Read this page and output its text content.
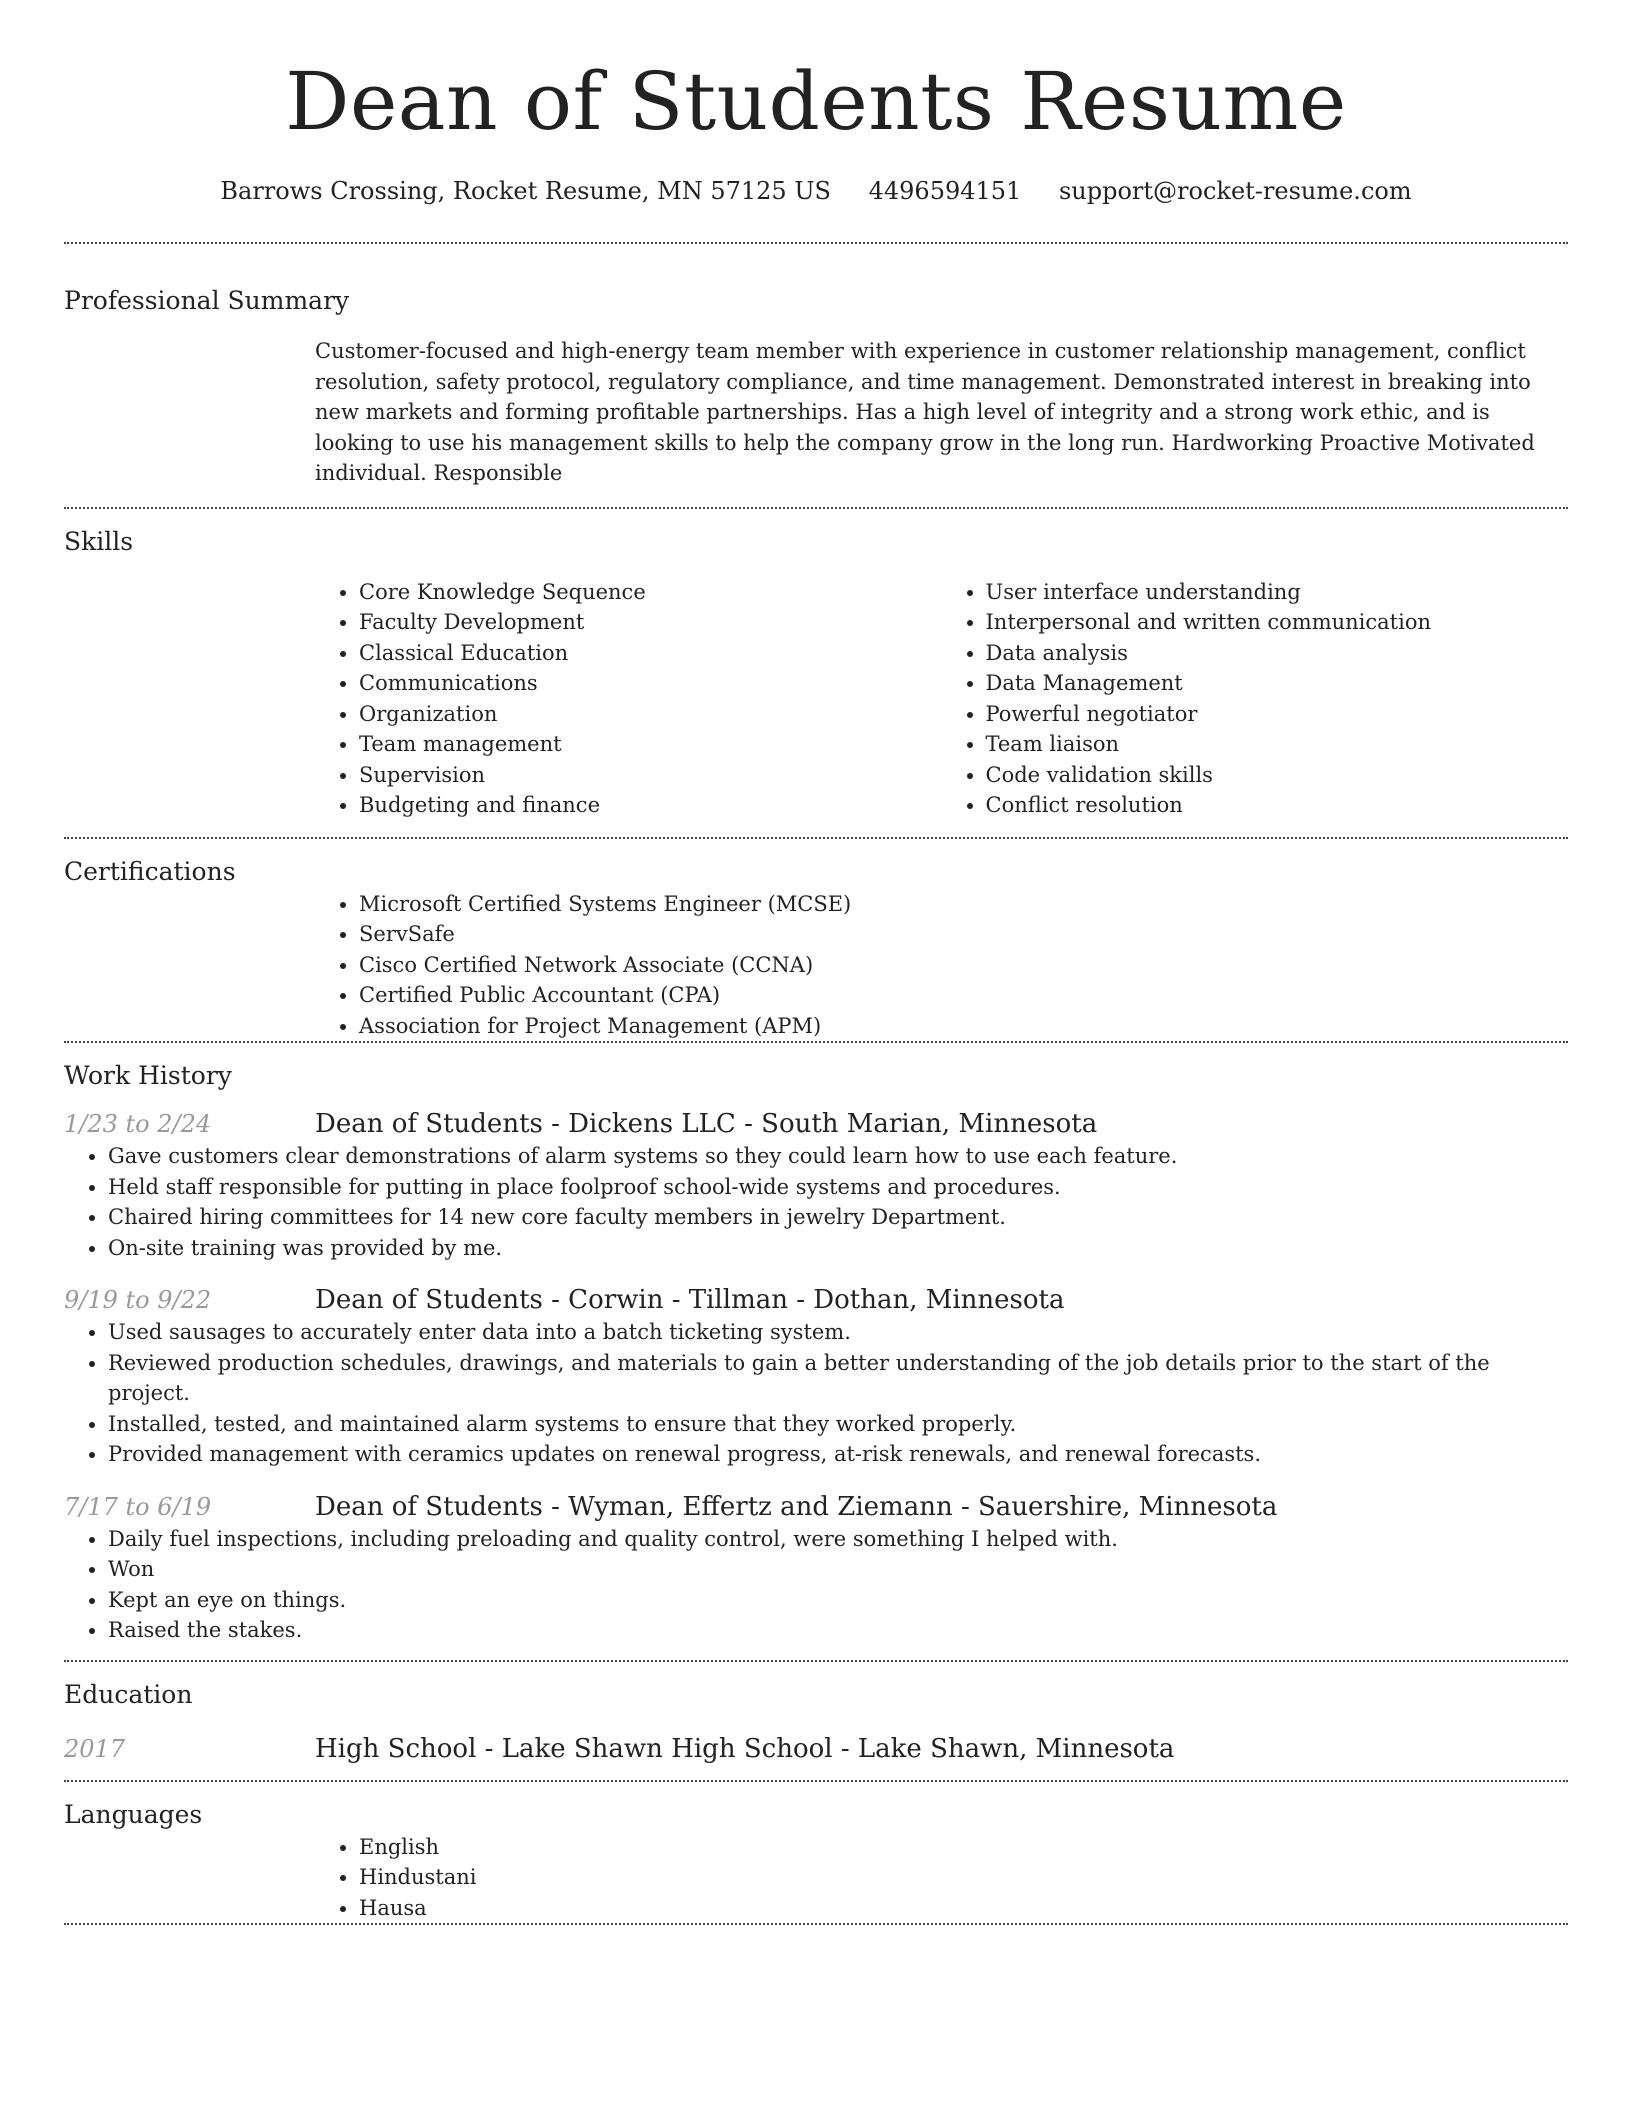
Dean of Students Resume
Barrows Crossing, Rocket Resume, MN 57125 US 4496594151 support@rocket-resume.com
Professional Summary

Customer-focused and high-energy team member with experience in customer relationship management, conflict resolution, safety protocol, regulatory compliance, and time management. Demonstrated interest in breaking into new markets and forming profitable partnerships. Has a high level of integrity and a strong work ethic, and is looking to use his management skills to help the company grow in the long run. Hardworking Proactive Motivated individual. Responsible

Skills
• Core Knowledge Sequence
• Faculty Development
• Classical Education
• Communications
• Organization
• Team management
• Supervision
• Budgeting and finance
• User interface understanding
• Interpersonal and written communication
• Data analysis
• Data Management
• Powerful negotiator
• Team liaison
• Code validation skills
• Conflict resolution
Certifications
• Microsoft Certified Systems Engineer (MCSE)
• ServSafe
• Cisco Certified Network Associate (CCNA)
• Certified Public Accountant (CPA)
• Association for Project Management (APM)
Work History
1/23 to 2/24	Dean of Students - Dickens LLC - South Marian, Minnesota
• Gave customers clear demonstrations of alarm systems so they could learn how to use each feature.
• Held staff responsible for putting in place foolproof school-wide systems and procedures.
• Chaired hiring committees for 14 new core faculty members in jewelry Department.
• On-site training was provided by me.
9/19 to 9/22	Dean of Students - Corwin - Tillman - Dothan, Minnesota
• Used sausages to accurately enter data into a batch ticketing system.
• Reviewed production schedules, drawings, and materials to gain a better understanding of the job details prior to the start of the project.
• Installed, tested, and maintained alarm systems to ensure that they worked properly.
• Provided management with ceramics updates on renewal progress, at-risk renewals, and renewal forecasts.
7/17 to 6/19	Dean of Students - Wyman, Effertz and Ziemann - Sauershire, Minnesota
• Daily fuel inspections, including preloading and quality control, were something I helped with.
• Won
• Kept an eye on things.
• Raised the stakes.
Education
2017	High School - Lake Shawn High School - Lake Shawn, Minnesota
Languages
• English
• Hindustani
• Hausa
